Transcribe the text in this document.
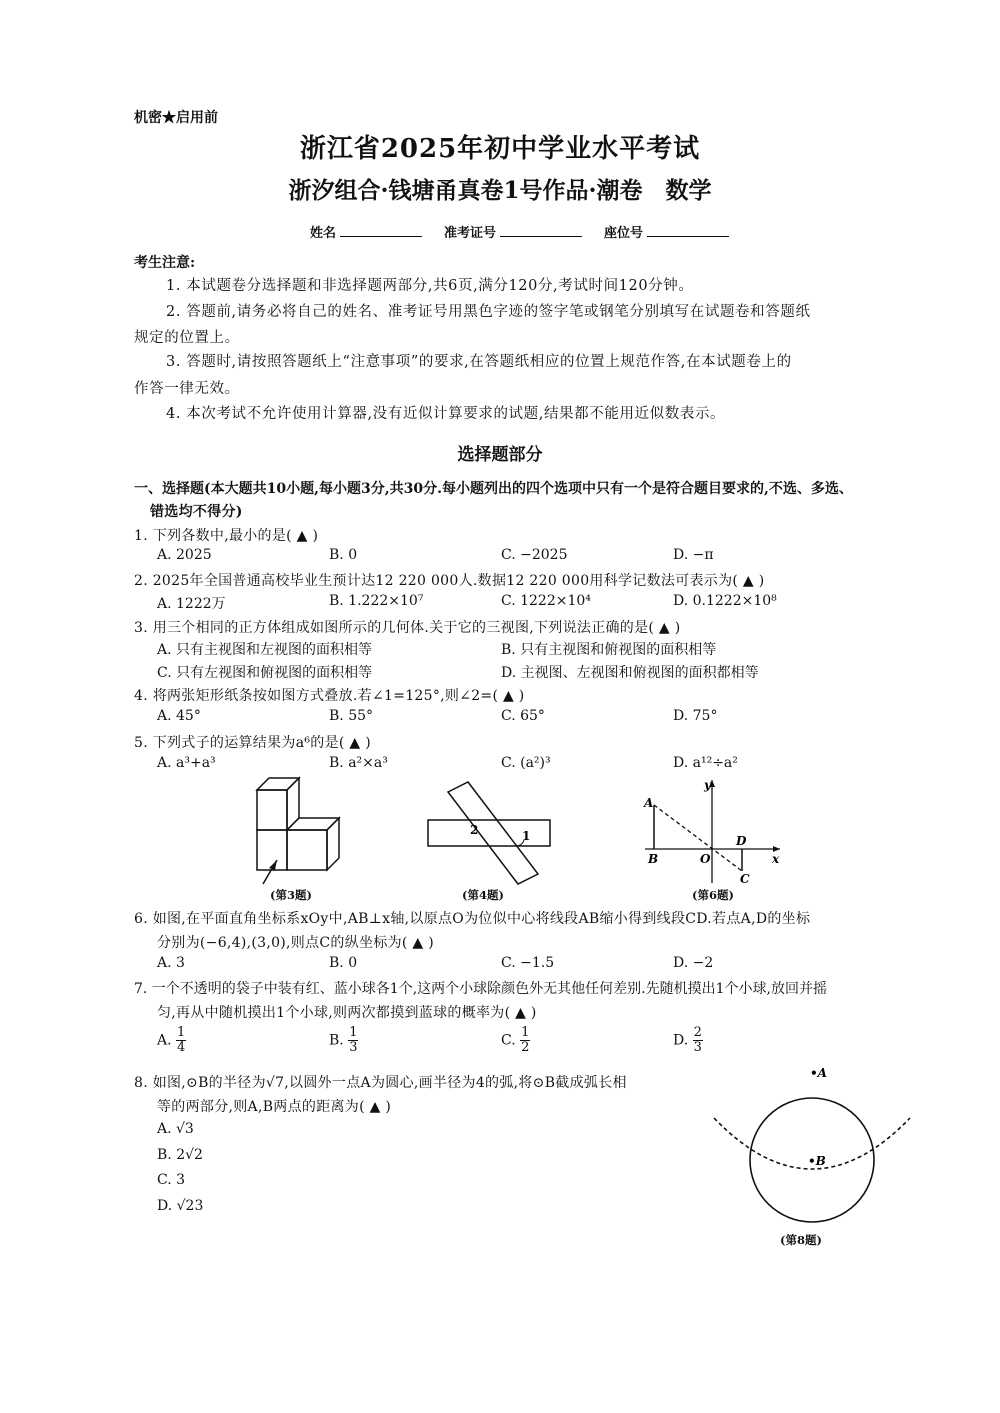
机密★启用前
浙江省2025年初中学业水平考试
浙汐组合·钱塘甬真卷1号作品·潮卷　数学
姓名	准考证号	座位号
考生注意:
1. 本试题卷分选择题和非选择题两部分,共6页,满分120分,考试时间120分钟。
2. 答题前,请务必将自己的姓名、准考证号用黑色字迹的签字笔或钢笔分别填写在试题卷和答题纸
规定的位置上。
3. 答题时,请按照答题纸上“注意事项”的要求,在答题纸相应的位置上规范作答,在本试题卷上的
作答一律无效。
4. 本次考试不允许使用计算器,没有近似计算要求的试题,结果都不能用近似数表示。
选择题部分
一、选择题(本大题共10小题,每小题3分,共30分.每小题列出的四个选项中只有一个是符合题目要求的,不选、多选、
错选均不得分)
1. 下列各数中,最小的是( ▲ )
A. 2025	B. 0	C. −2025	D. −π
2. 2025年全国普通高校毕业生预计达12 220 000人.数据12 220 000用科学记数法可表示为( ▲ )
A. 1222万	B. 1.222×10⁷	C. 1222×10⁴	D. 0.1222×10⁸
3. 用三个相同的正方体组成如图所示的几何体.关于它的三视图,下列说法正确的是( ▲ )
A. 只有主视图和左视图的面积相等	B. 只有主视图和俯视图的面积相等
C. 只有左视图和俯视图的面积相等	D. 主视图、左视图和俯视图的面积都相等
4. 将两张矩形纸条按如图方式叠放.若∠1=125°,则∠2=( ▲ )
A. 45°	B. 55°	C. 65°	D. 75°
5. 下列式子的运算结果为a⁶的是( ▲ )
A. a³+a³	B. a²×a³	C. (a²)³	D. a¹²÷a²
(第3题)
2	1
(第4题)
y
A
D
B	O
C
x
(第6题)
6. 如图,在平面直角坐标系xOy中,AB⊥x轴,以原点O为位似中心将线段AB缩小得到线段CD.若点A,D的坐标
分别为(−6,4),(3,0),则点C的纵坐标为( ▲ )
A. 3	B. 0	C. −1.5	D. −2
7. 一个不透明的袋子中装有红、蓝小球各1个,这两个小球除颜色外无其他任何差别.先随机摸出1个小球,放回并摇
匀,再从中随机摸出1个小球,则两次都摸到蓝球的概率为( ▲ )
A. $\frac{1}{4}$	B. $\frac{1}{3}$	C. $\frac{1}{2}$	D. $\frac{2}{3}$
8. 如图,⊙B的半径为√7,以圆外一点A为圆心,画半径为4的弧,将⊙B截成弧长相
等的两部分,则A,B两点的距离为( ▲ )
A. √3
B. 2√2
C. 3
D. √23
•A
•B
(第8题)
